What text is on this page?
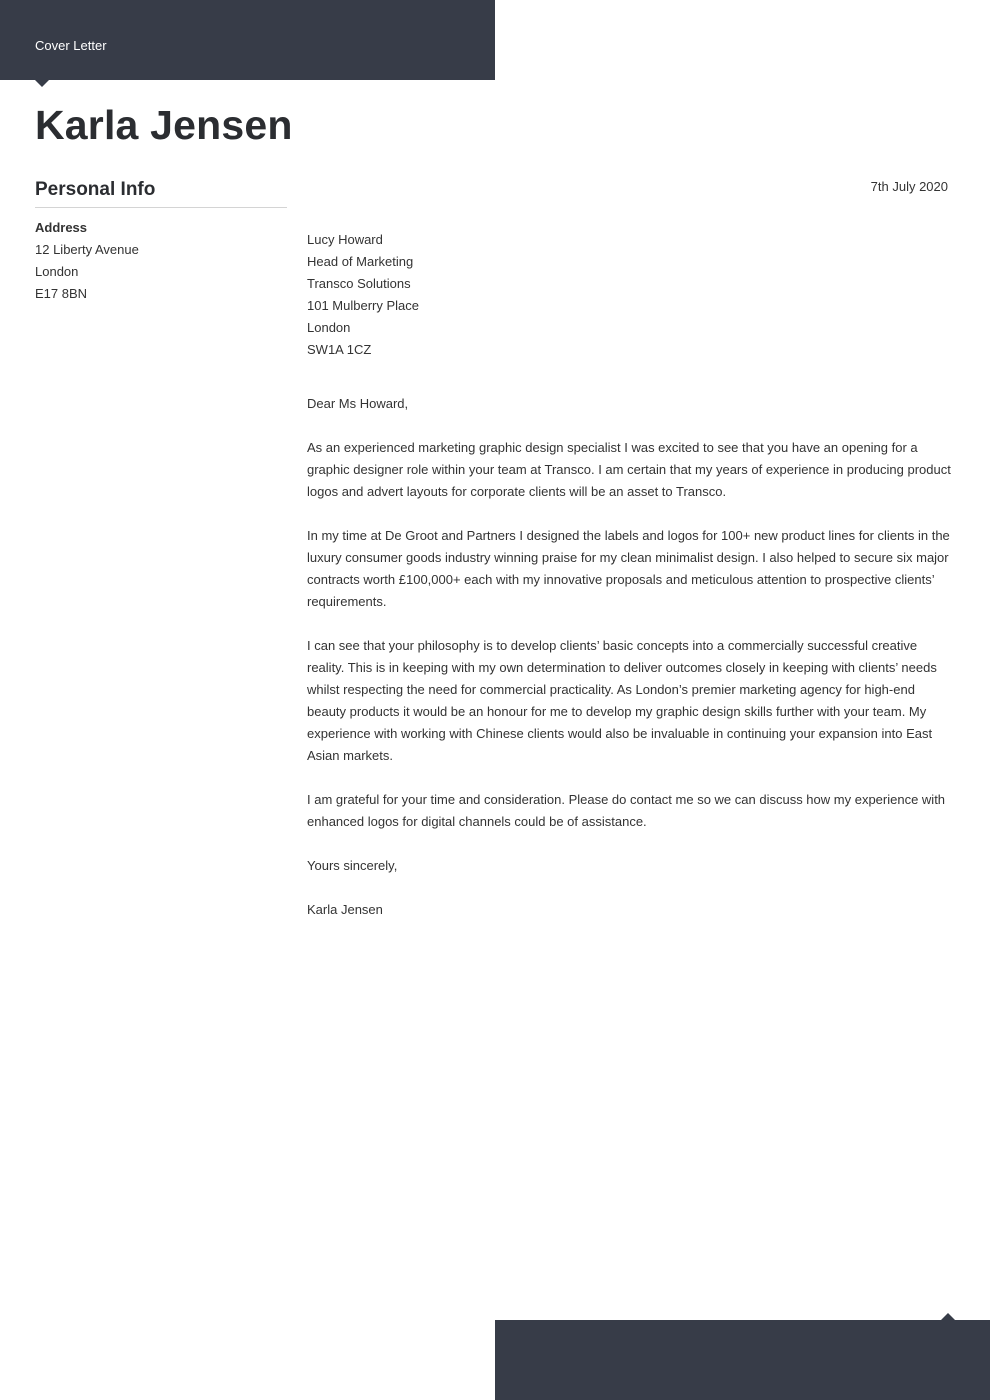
Cover Letter
Karla Jensen
Personal Info
Address
12 Liberty Avenue
London
E17 8BN
7th July 2020
Lucy Howard
Head of Marketing
Transco Solutions
101 Mulberry Place
London
SW1A 1CZ

Dear Ms Howard,

As an experienced marketing graphic design specialist I was excited to see that you have an opening for a graphic designer role within your team at Transco. I am certain that my years of experience in producing product logos and advert layouts for corporate clients will be an asset to Transco.

In my time at De Groot and Partners I designed the labels and logos for 100+ new product lines for clients in the luxury consumer goods industry winning praise for my clean minimalist design. I also helped to secure six major contracts worth £100,000+ each with my innovative proposals and meticulous attention to prospective clients’ requirements.

I can see that your philosophy is to develop clients’ basic concepts into a commercially successful creative reality. This is in keeping with my own determination to deliver outcomes closely in keeping with clients’ needs whilst respecting the need for commercial practicality. As London’s premier marketing agency for high-end beauty products it would be an honour for me to develop my graphic design skills further with your team. My experience with working with Chinese clients would also be invaluable in continuing your expansion into East Asian markets.

I am grateful for your time and consideration. Please do contact me so we can discuss how my experience with enhanced logos for digital channels could be of assistance.

Yours sincerely,

Karla Jensen
